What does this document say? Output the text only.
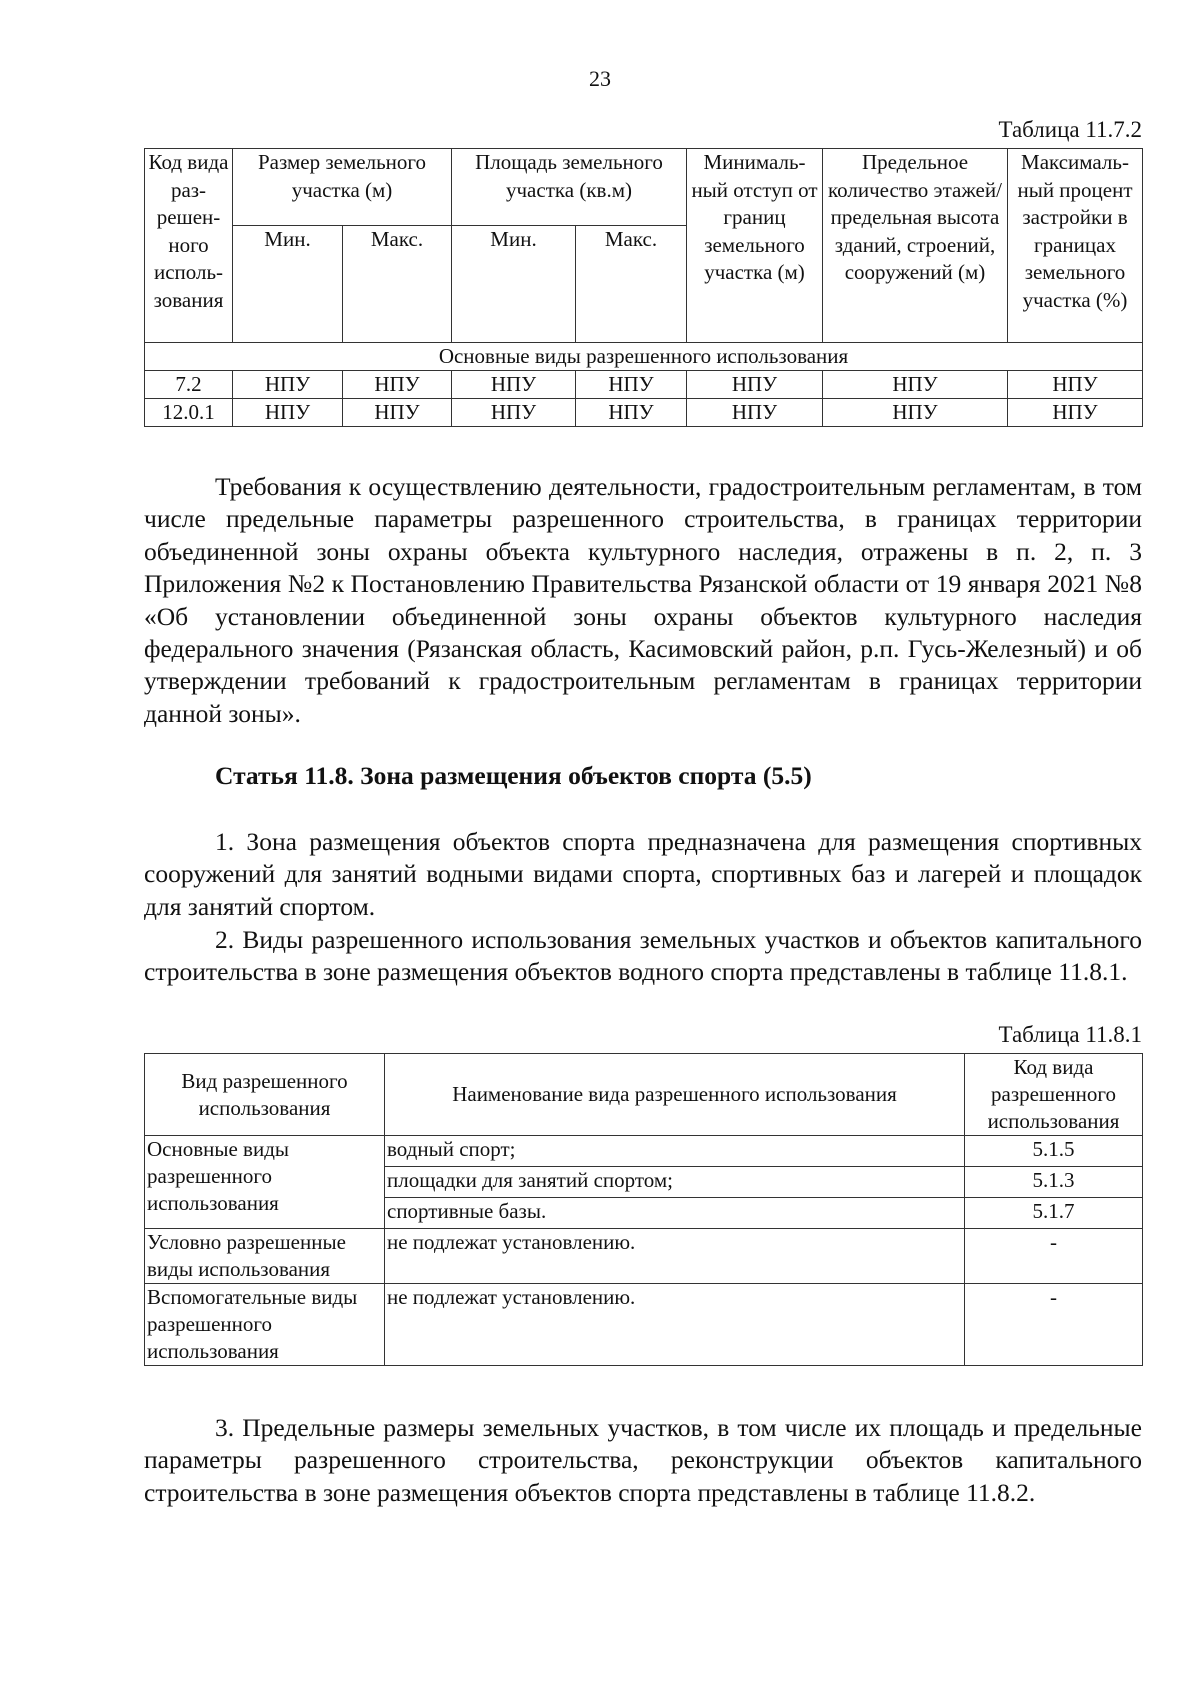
23
Таблица 11.7.2
Код вида раз-решен-ного исполь-зования	Размер земельного участка (м)		Площадь земельного участка (кв.м)		Минималь-ный отступ от границ земельного участка (м)	Предельное количество этажей/ предельная высота зданий, строений, сооружений (м)	Максималь-ный процент застройки в границах земельного участка (%)
	Мин.	Макс.	Мин.	Макс.			
Основные виды разрешенного использования							
7.2	НПУ	НПУ	НПУ	НПУ	НПУ	НПУ	НПУ
12.0.1	НПУ	НПУ	НПУ	НПУ	НПУ	НПУ	НПУ

Требования к осуществлению деятельности, градостроительным регламентам, в том числе предельные параметры разрешенного строительства, в границах территории объединенной зоны охраны объекта культурного наследия, отражены в п. 2, п. 3 Приложения №2 к Постановлению Правительства Рязанской области от 19 января 2021 №8 «Об установлении объединенной зоны охраны объектов культурного наследия федерального значения (Рязанская область, Касимовский район, р.п. Гусь-Железный) и об утверждении требований к градостроительным регламентам в границах территории данной зоны».

Статья 11.8. Зона размещения объектов спорта (5.5)

1. Зона размещения объектов спорта предназначена для размещения спортивных сооружений для занятий водными видами спорта, спортивных баз и лагерей и площадок для занятий спортом.

2. Виды разрешенного использования земельных участков и объектов капитального строительства в зоне размещения объектов водного спорта представлены в таблице 11.8.1.

Таблица 11.8.1
Вид разрешенного использования	Наименование вида разрешенного использования	Код вида разрешенного использования
Основные виды разрешенного использования	водный спорт;	5.1.5
	площадки для занятий спортом;	5.1.3
	спортивные базы.	5.1.7
Условно разрешенные виды использования	не подлежат установлению.	-
Вспомогательные виды разрешенного использования	не подлежат установлению.	-

3. Предельные размеры земельных участков, в том числе их площадь и предельные параметры разрешенного строительства, реконструкции объектов капитального строительства в зоне размещения объектов спорта представлены в таблице 11.8.2.
